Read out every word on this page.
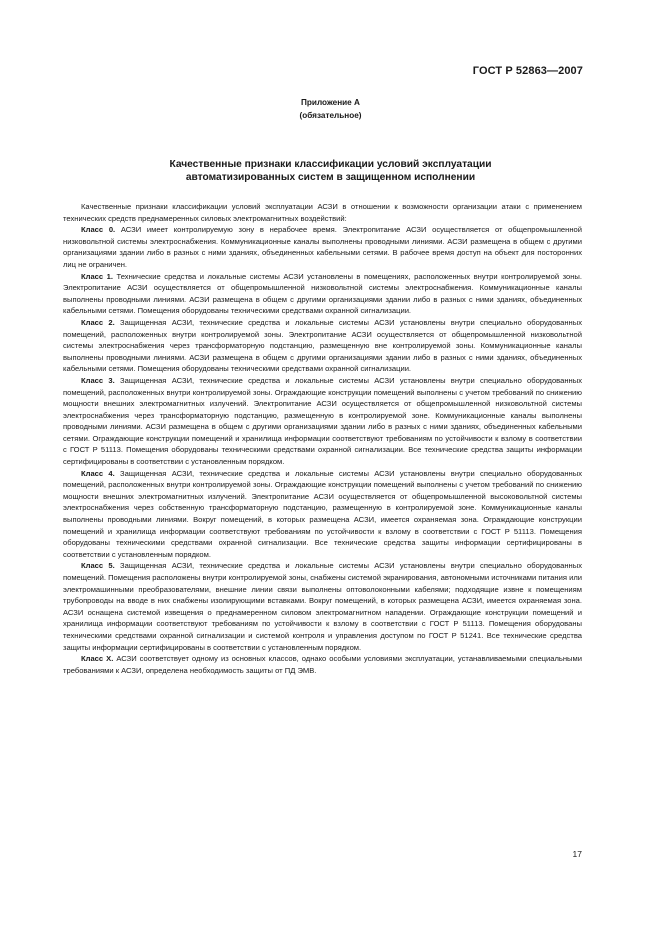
ГОСТ Р 52863—2007
Приложение А
(обязательное)
Качественные признаки классификации условий эксплуатации
автоматизированных систем в защищенном исполнении

Качественные признаки классификации условий эксплуатации АСЗИ в отношении к возможности организации атаки с применением технических средств преднамеренных силовых электромагнитных воздействий:

Класс 0. АСЗИ имеет контролируемую зону в нерабочее время. Электропитание АСЗИ осуществляется от общепромышленной низковольтной системы электроснабжения. Коммуникационные каналы выполнены проводными линиями. АСЗИ размещена в общем с другими организациями здании либо в разных с ними зданиях, объединенных кабельными сетями. В рабочее время доступ на объект для посторонних лиц не ограничен.

Класс 1. Технические средства и локальные системы АСЗИ установлены в помещениях, расположенных внутри контролируемой зоны. Электропитание АСЗИ осуществляется от общепромышленной низковольтной системы электроснабжения. Коммуникационные каналы выполнены проводными линиями. АСЗИ размещена в общем с другими организациями здании либо в разных с ними зданиях, объединенных кабельными сетями. Помещения оборудованы техническими средствами охранной сигнализации.

Класс 2. Защищенная АСЗИ, технические средства и локальные системы АСЗИ установлены внутри специально оборудованных помещений, расположенных внутри контролируемой зоны. Электропитание АСЗИ осуществляется от общепромышленной низковольтной системы электроснабжения через трансформаторную подстанцию, размещенную вне контролируемой зоны. Коммуникационные каналы выполнены проводными линиями. АСЗИ размещена в общем с другими организациями здании либо в разных с ними зданиях, объединенных кабельными сетями. Помещения оборудованы техническими средствами охранной сигнализации.

Класс 3. Защищенная АСЗИ, технические средства и локальные системы АСЗИ установлены внутри специально оборудованных помещений, расположенных внутри контролируемой зоны. Ограждающие конструкции помещений выполнены с учетом требований по снижению мощности внешних электромагнитных излучений. Электропитание АСЗИ осуществляется от общепромышленной низковольтной системы электроснабжения через трансформаторную подстанцию, размещенную в контролируемой зоне. Коммуникационные каналы выполнены проводными линиями. АСЗИ размещена в общем с другими организациями здании либо в разных с ними зданиях, объединенных кабельными сетями. Ограждающие конструкции помещений и хранилища информации соответствуют требованиям по устойчивости к взлому в соответствии с ГОСТ Р 51113. Помещения оборудованы техническими средствами охранной сигнализации. Все технические средства защиты информации сертифицированы в соответствии с установленным порядком.

Класс 4. Защищенная АСЗИ, технические средства и локальные системы АСЗИ установлены внутри специально оборудованных помещений, расположенных внутри контролируемой зоны. Ограждающие конструкции помещений выполнены с учетом требований по снижению мощности внешних электромагнитных излучений. Электропитание АСЗИ осуществляется от общепромышленной высоковольтной системы электроснабжения через собственную трансформаторную подстанцию, размещенную в контролируемой зоне. Коммуникационные каналы выполнены проводными линиями. Вокруг помещений, в которых размещена АСЗИ, имеется охраняемая зона. Ограждающие конструкции помещений и хранилища информации соответствуют требованиям по устойчивости к взлому в соответствии с ГОСТ Р 51113. Помещения оборудованы техническими средствами охранной сигнализации. Все технические средства защиты информации сертифицированы в соответствии с установленным порядком.

Класс 5. Защищенная АСЗИ, технические средства и локальные системы АСЗИ установлены внутри специально оборудованных помещений. Помещения расположены внутри контролируемой зоны, снабжены системой экранирования, автономными источниками питания или электромашинными преобразователями, внешние линии связи выполнены оптоволоконными кабелями; подходящие извне к помещениям трубопроводы на вводе в них снабжены изолирующими вставками. Вокруг помещений, в которых размещена АСЗИ, имеется охраняемая зона. АСЗИ оснащена системой извещения о преднамеренном силовом электромагнитном нападении. Ограждающие конструкции помещений и хранилища информации соответствуют требованиям по устойчивости к взлому в соответствии с ГОСТ Р 51113. Помещения оборудованы техническими средствами охранной сигнализации и системой контроля и управления доступом по ГОСТ Р 51241. Все технические средства защиты информации сертифицированы в соответствии с установленным порядком.

Класс Х. АСЗИ соответствует одному из основных классов, однако особыми условиями эксплуатации, устанавливаемыми специальными требованиями к АСЗИ, определена необходимость защиты от ПД ЭМВ.

17
